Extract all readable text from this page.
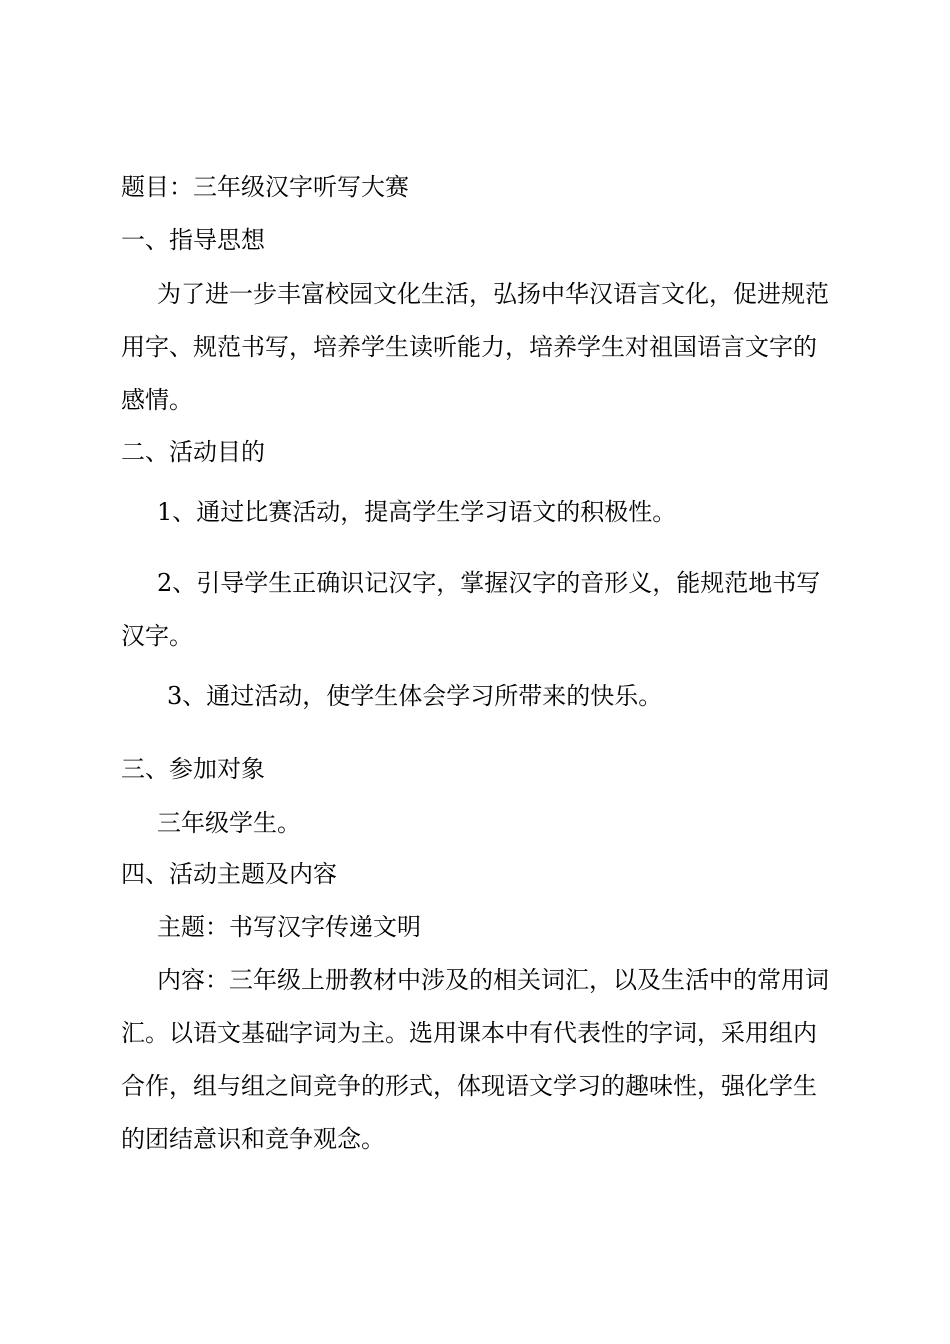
题目：三年级汉字听写大赛
一、指导思想
为了进一步丰富校园文化生活，弘扬中华汉语言文化，促进规范
用字、规范书写，培养学生读听能力，培养学生对祖国语言文字的
感情。
二、活动目的
1、通过比赛活动，提高学生学习语文的积极性。
2、引导学生正确识记汉字，掌握汉字的音形义，能规范地书写
汉字。
3、通过活动，使学生体会学习所带来的快乐。
三、参加对象
三年级学生。
四、活动主题及内容
主题：书写汉字传递文明
内容：三年级上册教材中涉及的相关词汇，以及生活中的常用词
汇。以语文基础字词为主。选用课本中有代表性的字词，采用组内
合作，组与组之间竞争的形式，体现语文学习的趣味性，强化学生
的团结意识和竞争观念。
